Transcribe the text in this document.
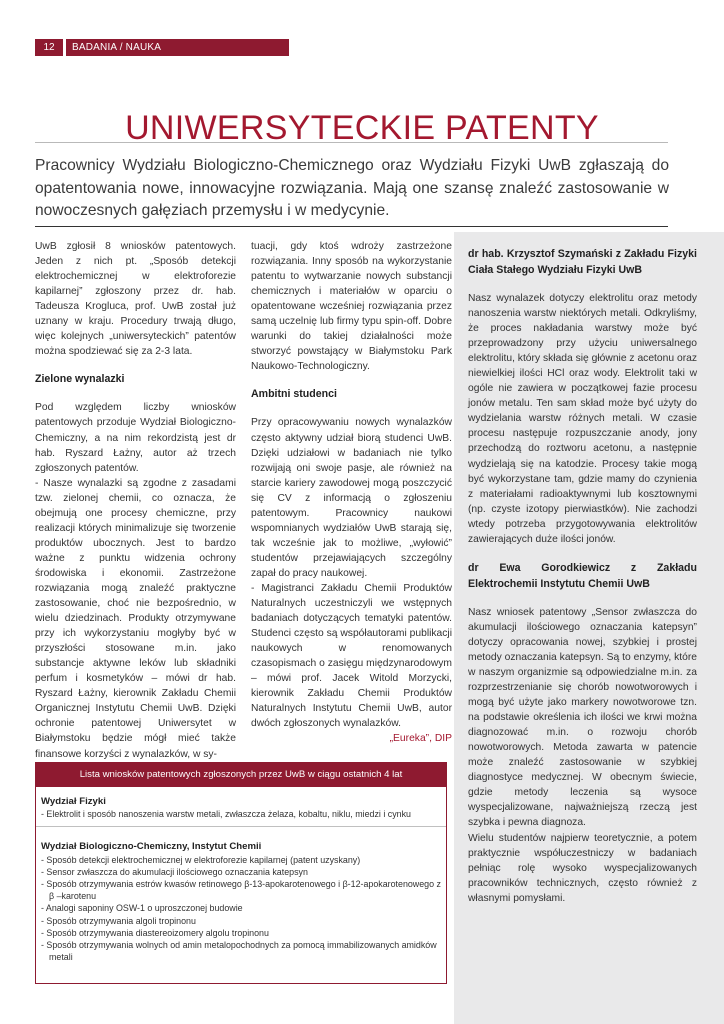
12	BADANIA / NAUKA
UNIWERSYTECKIE PATENTY
Pracownicy Wydziału Biologiczno-Chemicznego oraz Wydziału Fizyki UwB zgłaszają do opatentowania nowe, innowacyjne rozwiązania. Mają one szansę znaleźć zastosowanie w nowoczesnych gałęziach przemysłu i w medycynie.

UwB zgłosił 8 wniosków patentowych. Jeden z nich pt. „Sposób detekcji elektrochemicznej w elektroforezie kapilarnej” zgłoszony przez dr. hab. Tadeusza Krogluca, prof. UwB został już uznany w kraju. Procedury trwają długo, więc kolejnych „uniwersyteckich” patentów można spodziewać się za 2-3 lata.

Zielone wynalazki

Pod względem liczby wniosków patentowych przoduje Wydział Biologiczno-Chemiczny, a na nim rekordzistą jest dr hab. Ryszard Łażny, autor aż trzech zgłoszonych patentów.

- Nasze wynalazki są zgodne z zasadami tzw. zielonej chemii, co oznacza, że obejmują one procesy chemiczne, przy realizacji których minimalizuje się tworzenie produktów ubocznych. Jest to bardzo ważne z punktu widzenia ochrony środowiska i ekonomii. Zastrzeżone rozwiązania mogą znaleźć praktyczne zastosowanie, choć nie bezpośrednio, w wielu dziedzinach. Produkty otrzymywane przy ich wykorzystaniu mogłyby być w przyszłości stosowane m.in. jako substancje aktywne leków lub składniki perfum i kosmetyków – mówi dr hab. Ryszard Łażny, kierownik Zakładu Chemii Organicznej Instytutu Chemii UwB. Dzięki ochronie patentowej Uniwersytet w Białymstoku będzie mógł mieć także finansowe korzyści z wynalazków, w sy-

tuacji, gdy ktoś wdroży zastrzeżone rozwiązania. Inny sposób na wykorzystanie patentu to wytwarzanie nowych substancji chemicznych i materiałów w oparciu o opatentowane wcześniej rozwiązania przez samą uczelnię lub firmy typu spin-off. Dobre warunki do takiej działalności może stworzyć powstający w Białymstoku Park Naukowo-Technologiczny.

Ambitni studenci

Przy opracowywaniu nowych wynalazków często aktywny udział biorą studenci UwB. Dzięki udziałowi w badaniach nie tylko rozwijają oni swoje pasje, ale również na starcie kariery zawodowej mogą poszczycić się CV z informacją o zgłoszeniu patentowym. Pracownicy naukowi wspomnianych wydziałów UwB starają się, tak wcześnie jak to możliwe, „wyłowić” studentów przejawiających szczególny zapał do pracy naukowej.

- Magistranci Zakładu Chemii Produktów Naturalnych uczestniczyli we wstępnych badaniach dotyczących tematyki patentów. Studenci często są współautorami publikacji naukowych w renomowanych czasopismach o zasięgu międzynarodowym – mówi prof. Jacek Witold Morzycki, kierownik Zakładu Chemii Produktów Naturalnych Instytutu Chemii UwB, autor dwóch zgłoszonych wynalazków.

„Eureka”, DIP

dr hab. Krzysztof Szymański z Zakładu Fizyki Ciała Stałego Wydziału Fizyki UwB

Nasz wynalazek dotyczy elektrolitu oraz metody nanoszenia warstw niektórych metali. Odkryliśmy, że proces nakładania warstwy może być przeprowadzony przy użyciu uniwersalnego elektrolitu, który składa się głównie z acetonu oraz niewielkiej ilości HCl oraz wody. Elektrolit taki w ogóle nie zawiera w początkowej fazie procesu jonów metalu. Ten sam skład może być użyty do wydzielania warstw różnych metali. W czasie procesu następuje rozpuszczanie anody, jony przechodzą do roztworu acetonu, a następnie wydzielają się na katodzie. Procesy takie mogą być wykorzystane tam, gdzie mamy do czynienia z materiałami radioaktywnymi lub kosztownymi (np. czyste izotopy pierwiastków). Nie zachodzi wtedy potrzeba przygotowywania elektrolitów zawierających duże ilości jonów.

dr Ewa Gorodkiewicz z Zakładu Elektrochemii Instytutu Chemii UwB

Nasz wniosek patentowy „Sensor zwłaszcza do akumulacji ilościowego oznaczania katepsyn” dotyczy opracowania nowej, szybkiej i prostej metody oznaczania katepsyn. Są to enzymy, które w naszym organizmie są odpowiedzialne m.in. za rozprzestrzenianie się chorób nowotworowych i mogą być użyte jako markery nowotworowe tzn. na podstawie określenia ich ilości we krwi można diagnozować m.in. o rozwoju chorób nowotworowych. Metoda zawarta w patencie może znaleźć zastosowanie w szybkiej diagnostyce medycznej. W obecnym świecie, gdzie metody leczenia są wysoce wyspecjalizowane, najważniejszą rzeczą jest szybka i pewna diagnoza.

Wielu studentów najpierw teoretycznie, a potem praktycznie współuczestniczy w badaniach pełniąc rolę wysoko wyspecjalizowanych pracowników technicznych, często również z własnymi pomysłami.

Lista wniosków patentowych zgłoszonych przez UwB w ciągu ostatnich 4 lat
Wydział Fizyki
- Elektrolit i sposób nanoszenia warstw metali, zwłaszcza żelaza, kobaltu, niklu, miedzi i cynku
Wydział Biologiczno-Chemiczny, Instytut Chemii
- Sposób detekcji elektrochemicznej w elektroforezie kapilarnej (patent uzyskany)
- Sensor zwłaszcza do akumulacji ilościowego oznaczania katepsyn
- Sposób otrzymywania estrów kwasów retinowego β-13-apokarotenowego i β-12-apokarotenowego z β –karotenu
- Analogi saponiny OSW-1 o uproszczonej budowie
- Sposób otrzymywania algoli tropinonu
- Sposób otrzymywania diastereoizomery algolu tropinonu
- Sposób otrzymywania wolnych od amin metalopochodnych za pomocą immabilizowanych amidków metali
